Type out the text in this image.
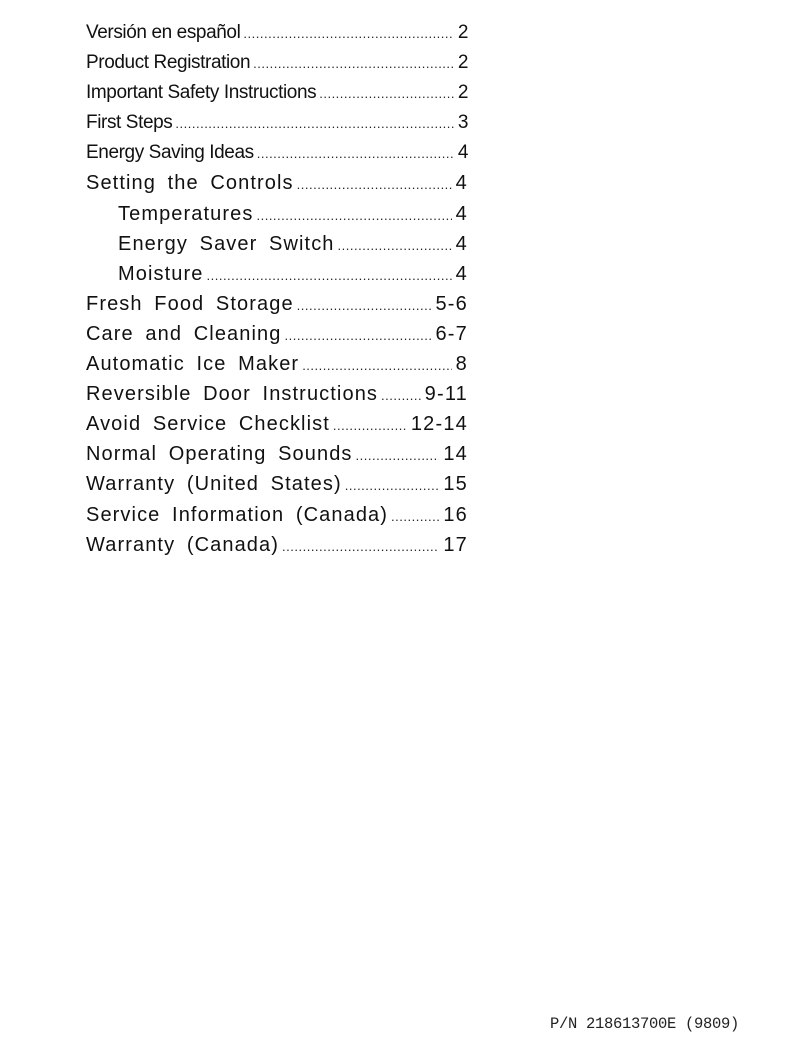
Versión en español .....	2
Product Registration .....	2
Important Safety Instructions .....	2
First Steps .....	3
Energy Saving Ideas .....	4
Setting the Controls .....	4
Temperatures .....	4
Energy Saver Switch .....	4
Moisture .....	4
Fresh Food Storage .....	5-6
Care and Cleaning .....	6-7
Automatic Ice Maker .....	8
Reversible Door Instructions ..... 9-11
Avoid Service Checklist .....	12-14
Normal Operating Sounds .....	14
Warranty (United States) .....	15
Service Information (Canada) .....	16
Warranty (Canada) .....	17
P/N 218613700E (9809)
